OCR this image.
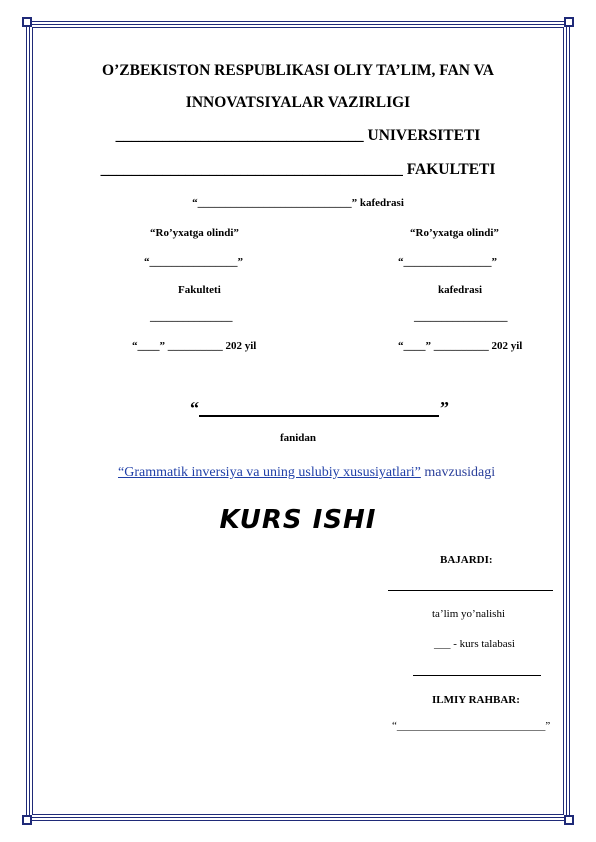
O’ZBEKISTON RESPUBLIKASI OLIY TA’LIM, FAN VA
INNOVATSIYALAR VAZIRLIGI
________________________________ UNIVERSITETI
_______________________________________ FAKULTETI
“____________________________” kafedrasi
“Ro’yxatga olindi”
“________________”
Fakulteti
_______________
“____” __________ 202 yil
“Ro’yxatga olindi”
“________________”
kafedrasi
_________________
“____” __________ 202 yil
“	”
fanidan
“Grammatik inversiya va uning uslubiy xususiyatlari” mavzusidagi
KURS ISHI
BAJARDI:
ta’lim yo’nalishi
___ - kurs talabasi
ILMIY RAHBAR:
“___________________________”
